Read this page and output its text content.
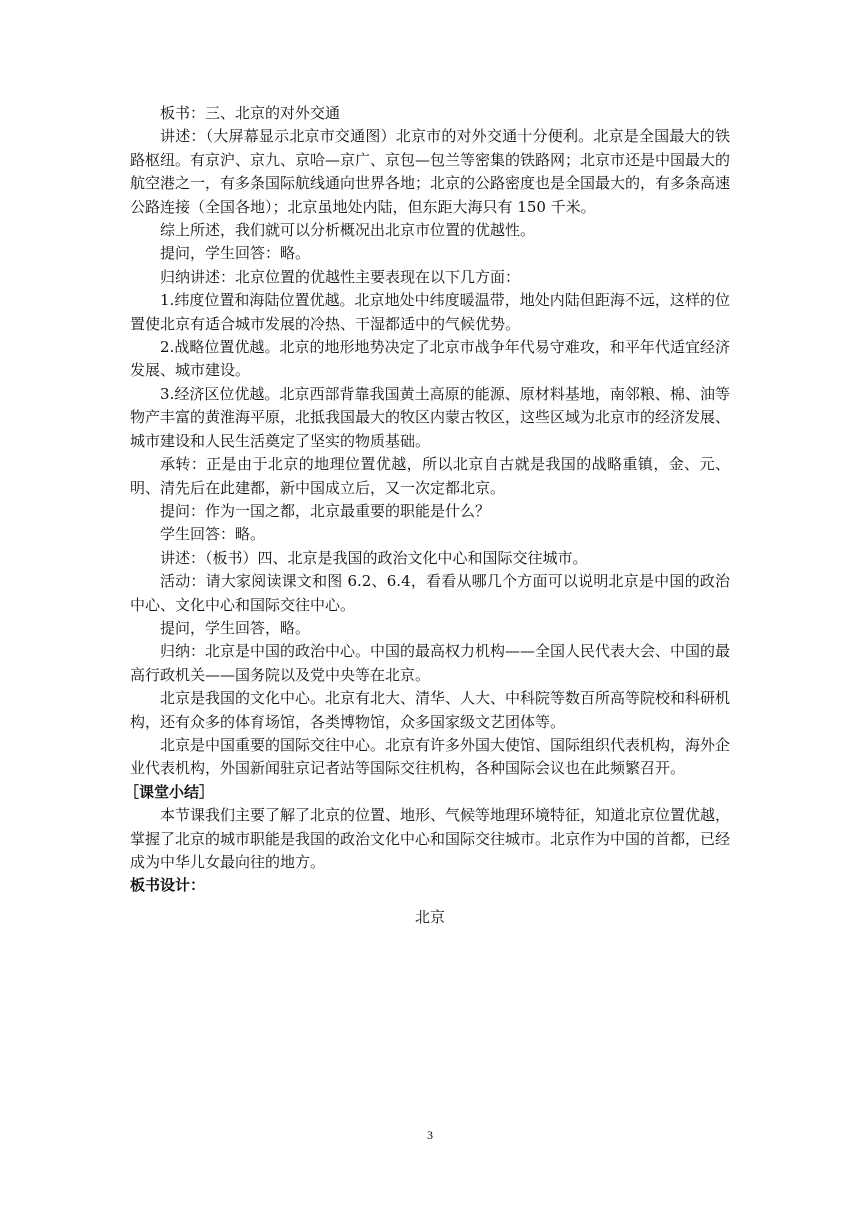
板书：三、北京的对外交通

讲述：（大屏幕显示北京市交通图）北京市的对外交通十分便利。北京是全国最大的铁路枢纽。有京沪、京九、京哈—京广、京包—包兰等密集的铁路网；北京市还是中国最大的航空港之一，有多条国际航线通向世界各地；北京的公路密度也是全国最大的，有多条高速公路连接（全国各地）；北京虽地处内陆，但东距大海只有 150 千米。

综上所述，我们就可以分析概况出北京市位置的优越性。

提问，学生回答：略。

归纳讲述：北京位置的优越性主要表现在以下几方面：

1.纬度位置和海陆位置优越。北京地处中纬度暖温带，地处内陆但距海不远，这样的位置使北京有适合城市发展的冷热、干湿都适中的气候优势。

2.战略位置优越。北京的地形地势决定了北京市战争年代易守难攻，和平年代适宜经济发展、城市建设。

3.经济区位优越。北京西部背靠我国黄土高原的能源、原材料基地，南邻粮、棉、油等物产丰富的黄淮海平原，北抵我国最大的牧区内蒙古牧区，这些区域为北京市的经济发展、城市建设和人民生活奠定了坚实的物质基础。

承转：正是由于北京的地理位置优越，所以北京自古就是我国的战略重镇，金、元、明、清先后在此建都，新中国成立后，又一次定都北京。

提问：作为一国之都，北京最重要的职能是什么？

学生回答：略。

讲述：（板书）四、北京是我国的政治文化中心和国际交往城市。

活动：请大家阅读课文和图 6.2、6.4，看看从哪几个方面可以说明北京是中国的政治中心、文化中心和国际交往中心。

提问，学生回答，略。

归纳：北京是中国的政治中心。中国的最高权力机构——全国人民代表大会、中国的最高行政机关——国务院以及党中央等在北京。

北京是我国的文化中心。北京有北大、清华、人大、中科院等数百所高等院校和科研机构，还有众多的体育场馆，各类博物馆，众多国家级文艺团体等。

北京是中国重要的国际交往中心。北京有许多外国大使馆、国际组织代表机构，海外企业代表机构，外国新闻驻京记者站等国际交往机构，各种国际会议也在此频繁召开。

［课堂小结］

本节课我们主要了解了北京的位置、地形、气候等地理环境特征，知道北京位置优越，掌握了北京的城市职能是我国的政治文化中心和国际交往城市。北京作为中国的首都，已经成为中华儿女最向往的地方。

板书设计：

北京

3
